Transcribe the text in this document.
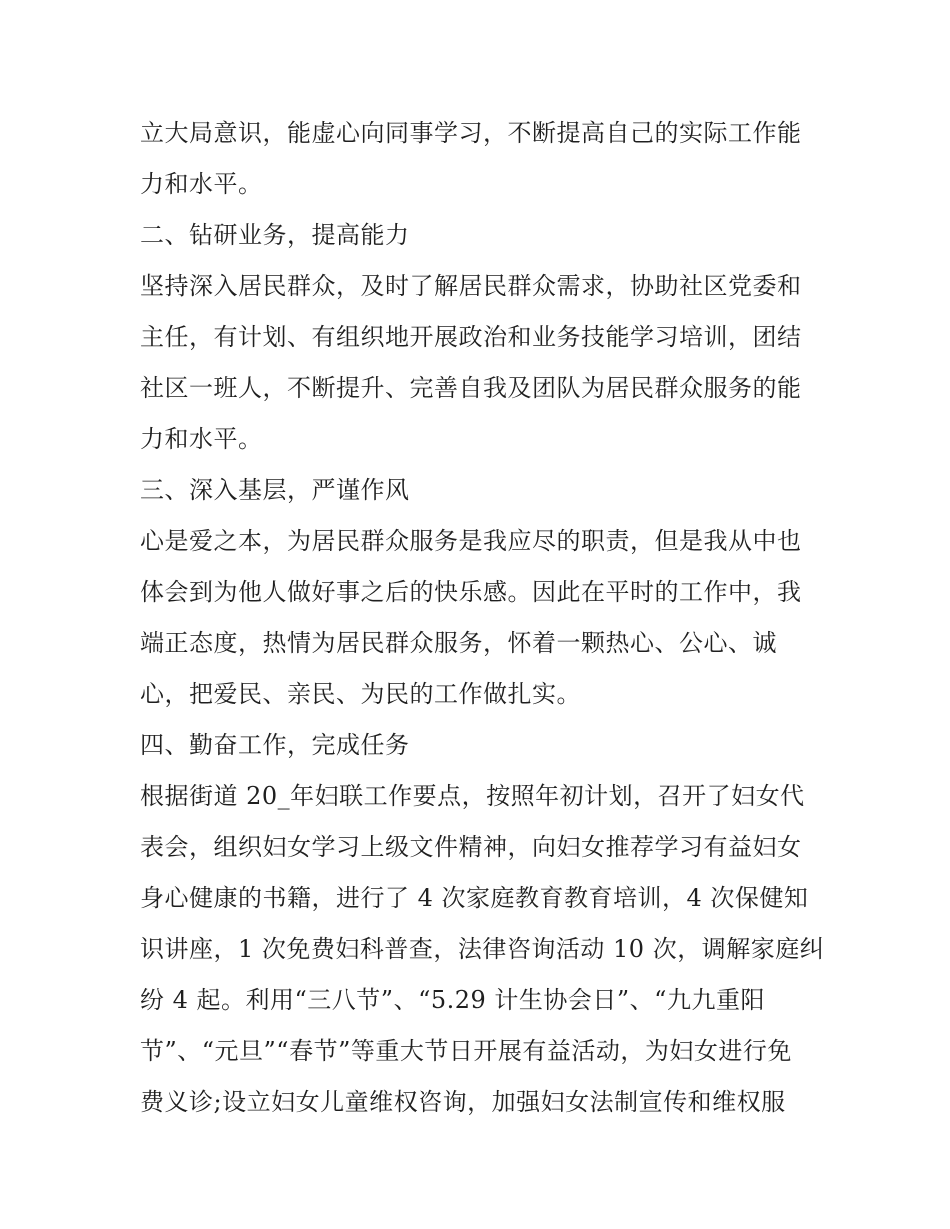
立大局意识，能虚心向同事学习，不断提高自己的实际工作能
力和水平。
二、钻研业务，提高能力
坚持深入居民群众，及时了解居民群众需求，协助社区党委和
主任，有计划、有组织地开展政治和业务技能学习培训，团结
社区一班人，不断提升、完善自我及团队为居民群众服务的能
力和水平。
三、深入基层，严谨作风
心是爱之本，为居民群众服务是我应尽的职责，但是我从中也
体会到为他人做好事之后的快乐感。因此在平时的工作中，我
端正态度，热情为居民群众服务，怀着一颗热心、公心、诚
心，把爱民、亲民、为民的工作做扎实。
四、勤奋工作，完成任务
根据街道 20_年妇联工作要点，按照年初计划，召开了妇女代
表会，组织妇女学习上级文件精神，向妇女推荐学习有益妇女
身心健康的书籍，进行了 4 次家庭教育教育培训，4 次保健知
识讲座，1 次免费妇科普查，法律咨询活动 10 次，调解家庭纠
纷 4 起。利用“三八节”、“5.29 计生协会日”、“九九重阳
节”、“元旦”“春节”等重大节日开展有益活动，为妇女进行免
费义诊;设立妇女儿童维权咨询，加强妇女法制宣传和维权服
